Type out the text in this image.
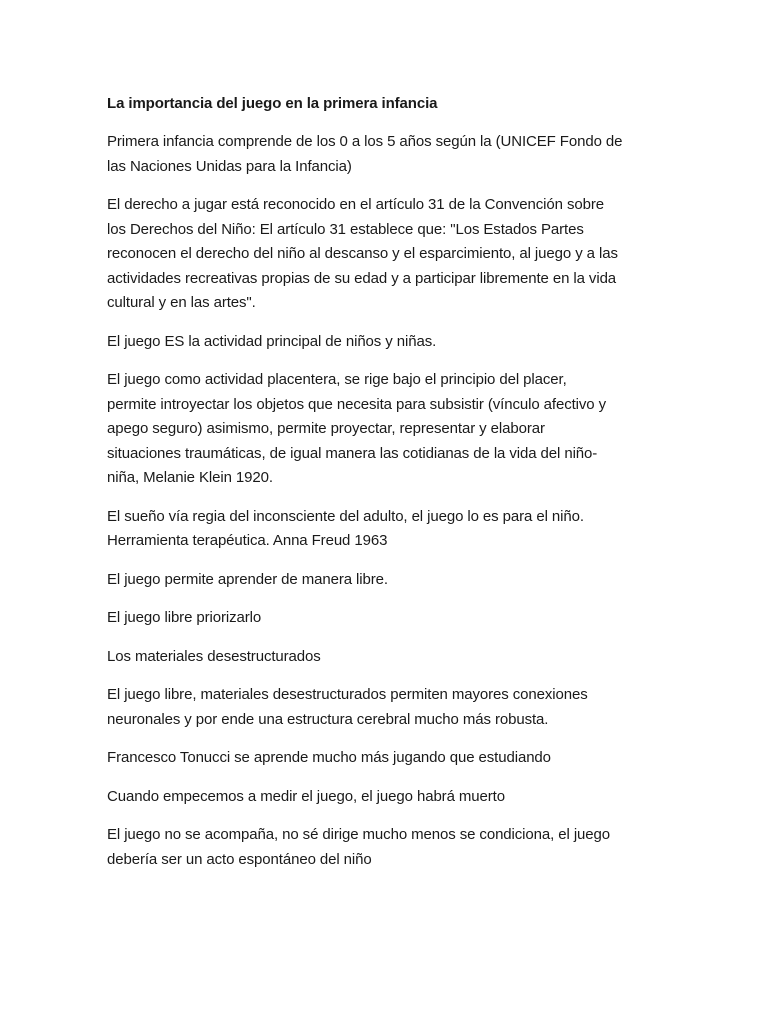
La importancia del juego en la primera infancia
Primera infancia comprende de los 0 a los 5 años según la (UNICEF Fondo de
las Naciones Unidas para la Infancia)
El derecho a jugar está reconocido en el artículo 31 de la Convención sobre
los Derechos del Niño: El artículo 31 establece que: "Los Estados Partes
reconocen el derecho del niño al descanso y el esparcimiento, al juego y a las
actividades recreativas propias de su edad y a participar libremente en la vida
cultural y en las artes".
El juego ES la actividad principal de niños y niñas.
El juego como actividad placentera, se rige bajo el principio del placer,
permite introyectar los objetos que necesita para subsistir (vínculo afectivo y
apego seguro) asimismo, permite proyectar, representar y elaborar
situaciones traumáticas, de igual manera las cotidianas de la vida del niño-
niña, Melanie Klein 1920.
El sueño vía regia del inconsciente del adulto, el juego lo es para el niño.
Herramienta terapéutica. Anna Freud 1963
El juego permite aprender de manera libre.
El juego libre priorizarlo
Los materiales desestructurados
El juego libre, materiales desestructurados permiten mayores conexiones
neuronales y por ende una estructura cerebral mucho más robusta.
Francesco Tonucci se aprende mucho más jugando que estudiando
Cuando empecemos a medir el juego, el juego habrá muerto
El juego no se acompaña, no sé dirige mucho menos se condiciona, el juego
debería ser un acto espontáneo del niño
